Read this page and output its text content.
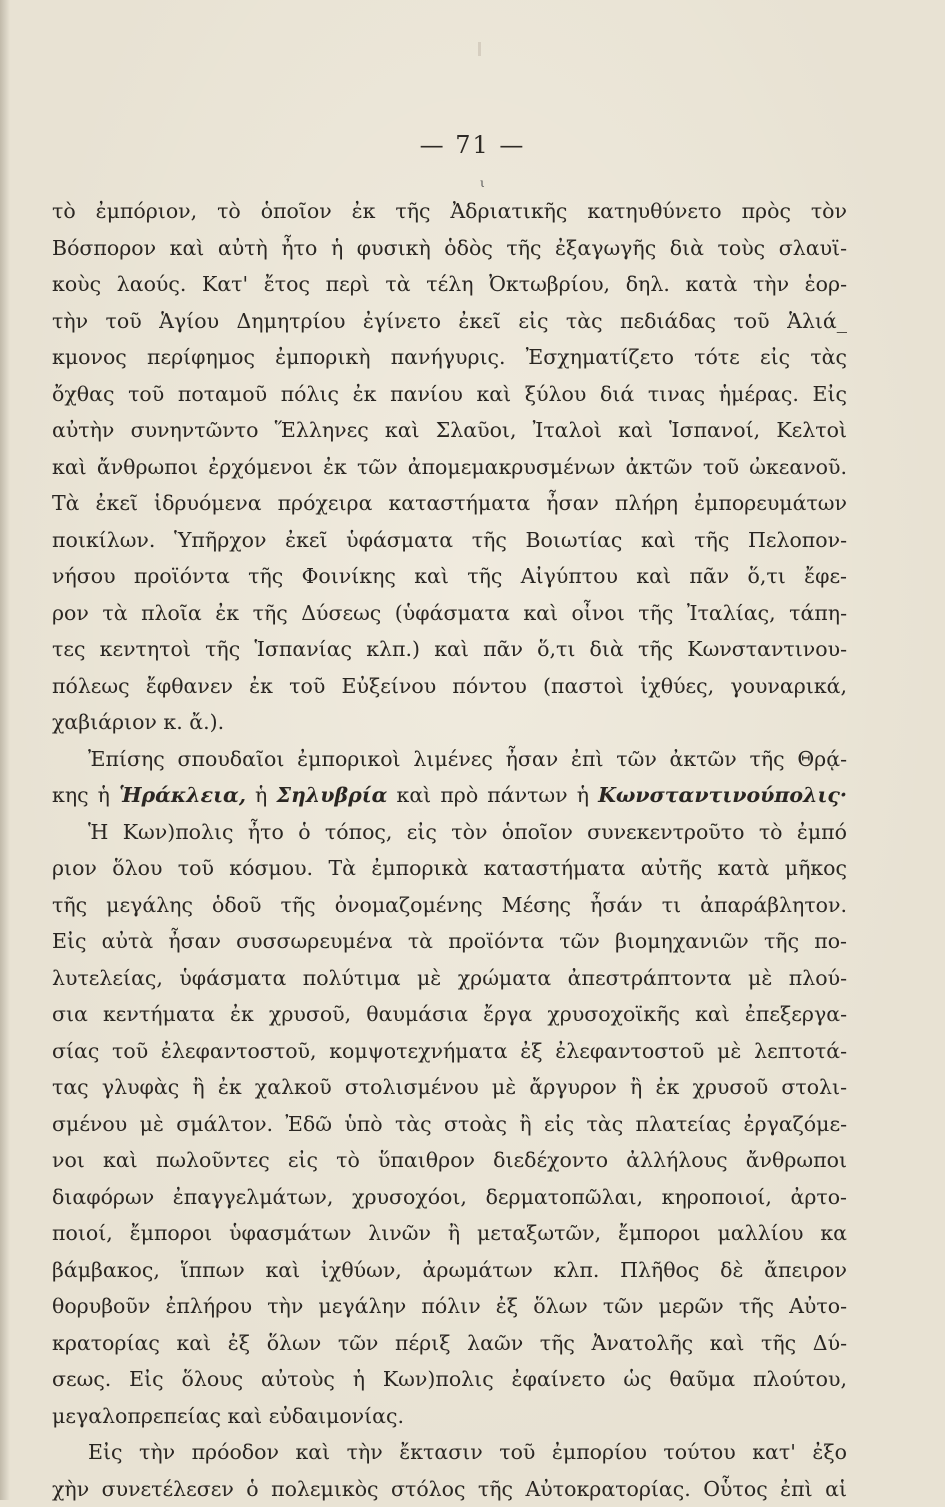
— 71 —
ι
τὸ ἐμπόριον, τὸ ὁποῖον ἐκ τῆς Ἀδριατικῆς κατηυθύνετο πρὸς τὸν
Βόσπορον καὶ αὐτὴ ἦτο ἡ φυσικὴ ὁδὸς τῆς ἐξαγωγῆς διὰ τοὺς σλαυϊ-
κοὺς λαούς. Κατ' ἔτος περὶ τὰ τέλη Ὀκτωβρίου, δηλ. κατὰ τὴν ἑορ-
τὴν τοῦ Ἁγίου Δημητρίου ἐγίνετο ἐκεῖ εἰς τὰς πεδιάδας τοῦ Ἁλιά_
κμονος περίφημος ἐμπορικὴ πανήγυρις. Ἐσχηματίζετο τότε εἰς τὰς
ὄχθας τοῦ ποταμοῦ πόλις ἐκ πανίου καὶ ξύλου διά τινας ἡμέρας. Εἰς
αὐτὴν συνηντῶντο Ἕλληνες καὶ Σλαῦοι, Ἰταλοὶ καὶ Ἱσπανοί, Κελτοὶ
καὶ ἄνθρωποι ἐρχόμενοι ἐκ τῶν ἀπομεμακρυσμένων ἀκτῶν τοῦ ὠκεανοῦ.
Τὰ ἐκεῖ ἱδρυόμενα πρόχειρα καταστήματα ἦσαν πλήρη ἐμπορευμάτων
ποικίλων. Ὑπῆρχον ἐκεῖ ὑφάσματα τῆς Βοιωτίας καὶ τῆς Πελοπον-
νήσου προϊόντα τῆς Φοινίκης καὶ τῆς Αἰγύπτου καὶ πᾶν ὅ,τι ἔφε-
ρον τὰ πλοῖα ἐκ τῆς Δύσεως (ὑφάσματα καὶ οἶνοι τῆς Ἰταλίας, τάπη-
τες κεντητοὶ τῆς Ἱσπανίας κλπ.) καὶ πᾶν ὅ,τι διὰ τῆς Κωνσταντινου-
πόλεως ἔφθανεν ἐκ τοῦ Εὐξείνου πόντου (παστοὶ ἰχθύες, γουναρικά,
χαβιάριον κ. ἄ.).
Ἐπίσης σπουδαῖοι ἐμπορικοὶ λιμένες ἦσαν ἐπὶ τῶν ἀκτῶν τῆς Θρᾴ-
κης ἡ Ἡράκλεια, ἡ Σηλυβρία καὶ πρὸ πάντων ἡ Κωνσταντινούπολις·
Ἡ Κων)πολις ἦτο ὁ τόπος, εἰς τὸν ὁποῖον συνεκεντροῦτο τὸ ἐμπό
ριον ὅλου τοῦ κόσμου. Τὰ ἐμπορικὰ καταστήματα αὐτῆς κατὰ μῆκος
τῆς μεγάλης ὁδοῦ τῆς ὀνομαζομένης Μέσης ἦσάν τι ἀπαράβλητον.
Εἰς αὐτὰ ἦσαν συσσωρευμένα τὰ προϊόντα τῶν βιομηχανιῶν τῆς πο-
λυτελείας, ὑφάσματα πολύτιμα μὲ χρώματα ἀπεστράπτοντα μὲ πλού-
σια κεντήματα ἐκ χρυσοῦ, θαυμάσια ἔργα χρυσοχοϊκῆς καὶ ἐπεξεργα-
σίας τοῦ ἐλεφαντοστοῦ, κομψοτεχνήματα ἐξ ἐλεφαντοστοῦ μὲ λεπτοτά-
τας γλυφὰς ἢ ἐκ χαλκοῦ στολισμένου μὲ ἄργυρον ἢ ἐκ χρυσοῦ στολι-
σμένου μὲ σμάλτον. Ἐδῶ ὑπὸ τὰς στοὰς ἢ εἰς τὰς πλατείας ἐργαζόμε-
νοι καὶ πωλοῦντες εἰς τὸ ὕπαιθρον διεδέχοντο ἀλλήλους ἄνθρωποι
διαφόρων ἐπαγγελμάτων, χρυσοχόοι, δερματοπῶλαι, κηροποιοί, ἀρτο-
ποιοί, ἔμποροι ὑφασμάτων λινῶν ἢ μεταξωτῶν, ἔμποροι μαλλίου κα
βάμβακος, ἵππων καὶ ἰχθύων, ἀρωμάτων κλπ. Πλῆθος δὲ ἄπειρον
θορυβοῦν ἐπλήρου τὴν μεγάλην πόλιν ἐξ ὅλων τῶν μερῶν τῆς Αὐτο-
κρατορίας καὶ ἐξ ὅλων τῶν πέριξ λαῶν τῆς Ἀνατολῆς καὶ τῆς Δύ-
σεως. Εἰς ὅλους αὐτοὺς ἡ Κων)πολις ἐφαίνετο ὡς θαῦμα πλούτου,
μεγαλοπρεπείας καὶ εὐδαιμονίας.
Εἰς τὴν πρόοδον καὶ τὴν ἔκτασιν τοῦ ἐμπορίου τούτου κατ' ἐξο
χὴν συνετέλεσεν ὁ πολεμικὸς στόλος τῆς Αὐτοκρατορίας. Οὗτος ἐπὶ αἱ
